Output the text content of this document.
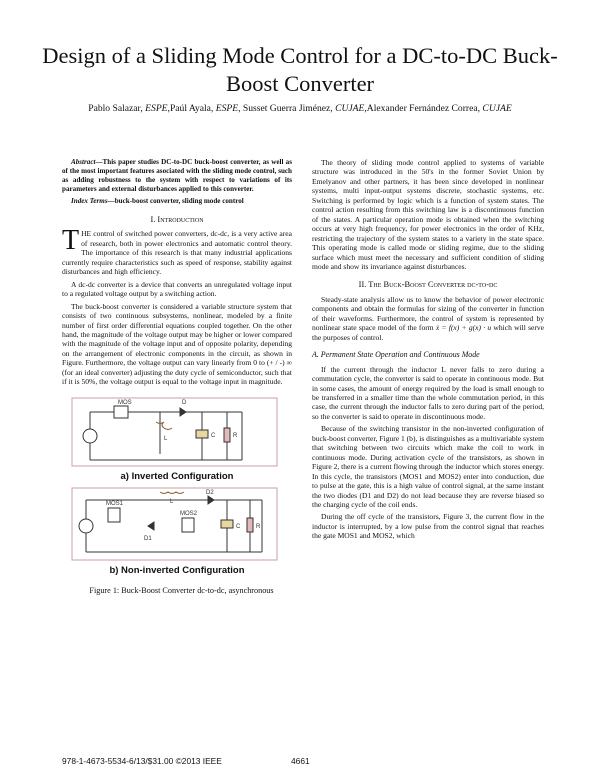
Design of a Sliding Mode Control for a DC-to-DC Buck-Boost Converter
Pablo Salazar, ESPE,Paúl Ayala, ESPE, Susset Guerra Jiménez, CUJAE,Alexander Fernández Correa, CUJAE

Abstract—This paper studies DC-to-DC buck-boost converter, as well as of the most important features asociated with the sliding mode control, such as adding robustness to the system with respect to variations of its parameters and external disturbances applied to this converter.

Index Terms—buck-boost converter, sliding mode control

I. Introduction

THE control of switched power converters, dc-dc, is a very active area of research, both in power electronics and automatic control theory. The importance of this research is that many industrial applications currently require characteristics such as speed of response, stability against disturbances and high efficiency.

A dc-dc converter is a device that converts an unregulated voltage input to a regulated voltage output by a switching action.

The buck-boost converter is considered a variable structure system that consists of two continuous subsystems, nonlinear, modeled by a finite number of first order differential equations coupled together. On the other hand, the magnitude of the voltage output may be higher or lower compared with the magnitude of the voltage input and of opposite polarity, depending on the arrangement of electronic components in the circuit, as shown in Figure. Furthermore, the voltage output can vary linearly from 0 to (+ / -) ∞ (for an ideal converter) adjusting the duty cycle of semiconductor, such that if it is 50%, the voltage output is equal to the voltage input in magnitude.

MOS
L	C	R
D
a) Inverted Configuration
MOS1
MOS2
D1
D2
L
C	R
b) Non-inverted Configuration

Figure 1: Buck-Boost Converter dc-to-dc, asynchronous

The theory of sliding mode control applied to systems of variable structure was introduced in the 50's in the former Soviet Union by Emelyanov and other partners, it has been since developed in nonlinear systems, multi input-output systems discrete, stochastic systems, etc. Switching is performed by logic which is a function of system states. The control action resulting from this switching law is a discontinuous function of the states. A particular operation mode is obtained when the switching occurs at very high frequency, for power electronics in the order of KHz, restricting the trajectory of the system states to a variety in the state space. This operating mode is called mode or sliding regime, due to the sliding surface which must meet the necessary and sufficient condition of sliding mode and show its invariance against disturbances.

II. The Buck-Boost Converter dc-to-dc

Steady-state analysis allow us to know the behavior of power electronic components and obtain the formulas for sizing of the converter in function of their waveforms. Furthermore, the control of system is represented by nonlinear state space model of the form ẋ = f(x) + g(x) · u which will serve the purposes of control.

A. Permanent State Operation and Continuous Mode

If the current through the inductor L never falls to zero during a commutation cycle, the converter is said to operate in continuous mode. But in some cases, the amount of energy required by the load is small enough to be transferred in a smaller time than the whole commutation period, in this case, the current through the inductor falls to zero during part of the period, so the converter is said to operate in discontinuous mode.

Because of the switching transistor in the non-inverted configuration of buck-boost converter, Figure 1 (b), is distinguishes as a multivariable system that switching between two circuits which make the coil to work in continuous mode. During activation cycle of the transistors, as shown in Figure 2, there is a current flowing through the inductor which stores energy. In this cycle, the transistors (MOS1 and MOS2) enter into conduction, due to pulse at the gate, this is a high value of control signal, at the same instant the two diodes (D1 and D2) do not lead because they are reverse biased so the charging cycle of the coil ends.

During the off cycle of the transistors, Figure 3, the current flow in the inductor is interrupted, by a low pulse from the control signal that reaches the gate MOS1 and MOS2, which

978-1-4673-5534-6/13/$31.00 ©2013 IEEE	4661
